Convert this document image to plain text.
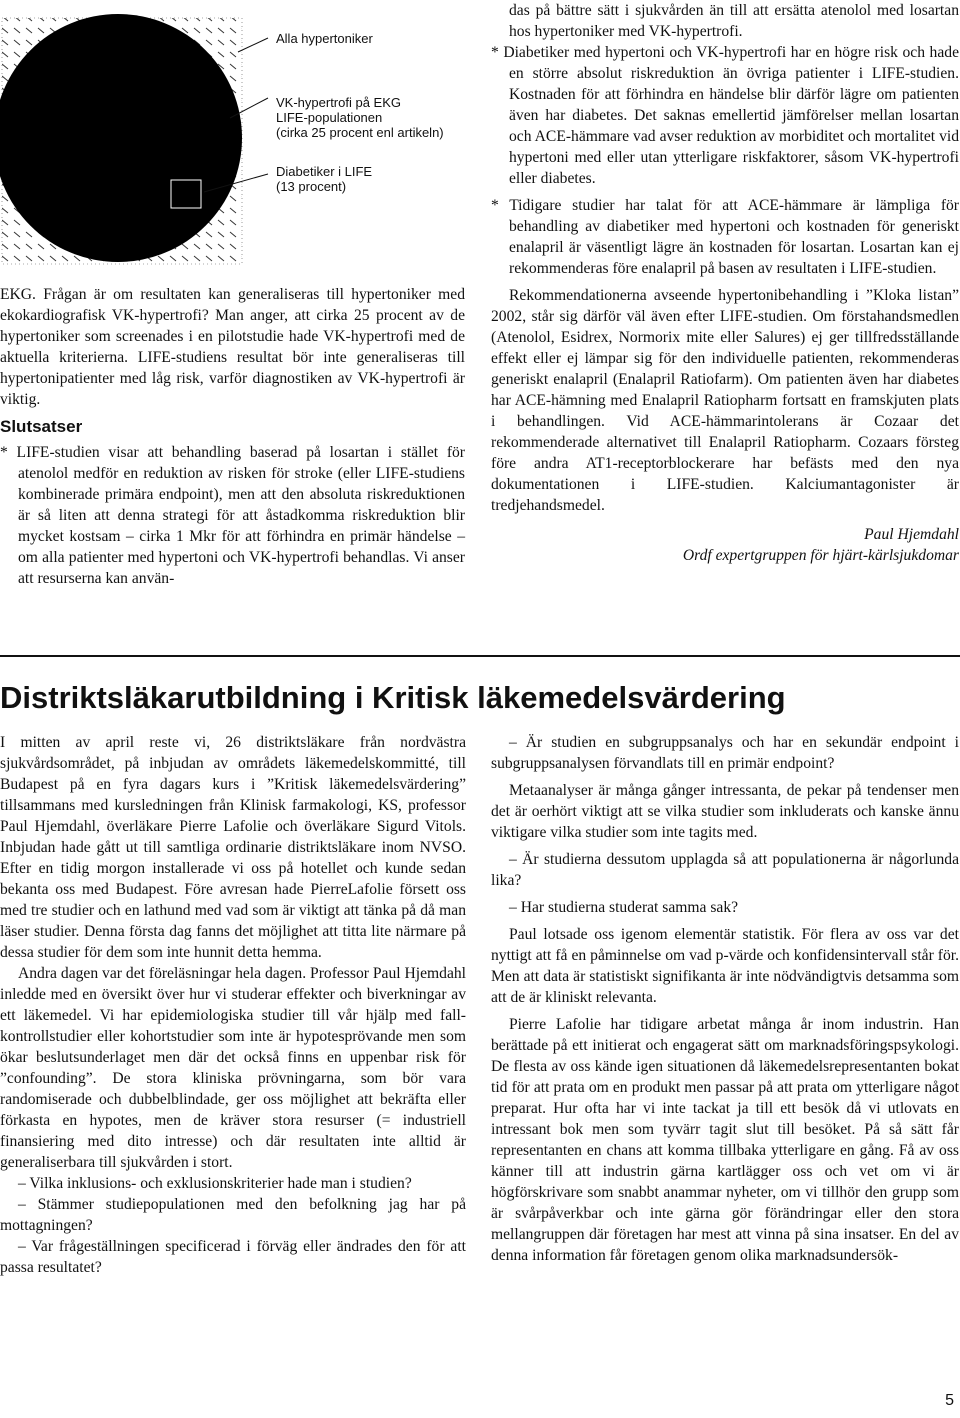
Alla hypertoniker
VK-hypertrofi på EKG
LIFE-populationen
(cirka 25 procent enl artikeln)
Diabetiker i LIFE
(13 procent)

EKG. Frågan är om resultaten kan generaliseras till hypertoniker med ekokardiografisk VK-hypertrofi? Man anger, att cirka 25 procent av de hypertoniker som screenades i en pilotstudie hade VK-hypertrofi med de aktuella kriterierna. LIFE-studiens resultat bör inte generaliseras till hypertonipatienter med låg risk, varför diagnostiken av VK-hypertrofi är viktig.

Slutsatser

* LIFE-studien visar att behandling baserad på losartan i stället för atenolol medför en reduktion av risken för stroke (eller LIFE-studiens kombinerade primära endpoint), men att den absoluta riskreduktionen är så liten att denna strategi för att åstadkomma riskreduktion blir mycket kostsam – cirka 1 Mkr för att förhindra en primär händelse – om alla patienter med hypertoni och VK-hypertrofi behandlas. Vi anser att resurserna kan använ-

das på bättre sätt i sjukvården än till att ersätta atenolol med losartan hos hypertoniker med VK-hypertrofi.

* Diabetiker med hypertoni och VK-hypertrofi har en högre risk och hade en större absolut riskreduktion än övriga patienter i LIFE-studien. Kostnaden för att förhindra en händelse blir därför lägre om patienten även har diabetes. Det saknas emellertid jämförelser mellan losartan och ACE-hämmare vad avser reduktion av morbiditet och mortalitet vid hypertoni med eller utan ytterligare riskfaktorer, såsom VK-hypertrofi eller diabetes.

* Tidigare studier har talat för att ACE-hämmare är lämpliga för behandling av diabetiker med hypertoni och kostnaden för generiskt enalapril är väsentligt lägre än kostnaden för losartan. Losartan kan ej rekommenderas före enalapril på basen av resultaten i LIFE-studien.

Rekommendationerna avseende hypertonibehandling i ”Kloka listan” 2002, står sig därför väl även efter LIFE-studien. Om förstahandsmedlen (Atenolol, Esidrex, Normorix mite eller Salures) ej ger tillfredsställande effekt eller ej lämpar sig för den individuelle patienten, rekommenderas generiskt enalapril (Enalapril Ratiofarm). Om patienten även har diabetes har ACE-hämning med Enalapril Ratiopharm fortsatt en framskjuten plats i behandlingen. Vid ACE-hämmarintolerans är Cozaar det rekommenderade alternativet till Enalapril Ratiopharm. Cozaars försteg före andra AT1-receptorblockerare har befästs med den nya dokumentationen i LIFE-studien. Kalciumantagonister är tredjehandsmedel.

Paul Hjemdahl

Ordf expertgruppen för hjärt-kärlsjukdomar

Distriktsläkarutbildning i Kritisk läkemedelsvärdering

I mitten av april reste vi, 26 distriktsläkare från nordvästra sjukvårdsområdet, på inbjudan av områdets läkemedelskommitté, till Budapest på en fyra dagars kurs i ”Kritisk läkemedelsvärdering” tillsammans med kursledningen från Klinisk farmakologi, KS, professor Paul Hjemdahl, överläkare Pierre Lafolie och överläkare Sigurd Vitols. Inbjudan hade gått ut till samtliga ordinarie distriktsläkare inom NVSO. Efter en tidig morgon installerade vi oss på hotellet och kunde sedan bekanta oss med Budapest. Före avresan hade PierreLafolie försett oss med tre studier och en lathund med vad som är viktigt att tänka på då man läser studier. Denna första dag fanns det möjlighet att titta lite närmare på dessa studier för dem som inte hunnit detta hemma.

Andra dagen var det föreläsningar hela dagen. Professor Paul Hjemdahl inledde med en översikt över hur vi studerar effekter och biverkningar av ett läkemedel. Vi har epidemiologiska studier till vår hjälp med fall-kontrollstudier eller kohortstudier som inte är hypotesprövande men som ökar beslutsunderlaget men där det också finns en uppenbar risk för ”confounding”. De stora kliniska prövningarna, som bör vara randomiserade och dubbelblindade, ger oss möjlighet att bekräfta eller förkasta en hypotes, men de kräver stora resurser (= industriell finansiering med dito intresse) och där resultaten inte alltid är generaliserbara till sjukvården i stort.

– Vilka inklusions- och exklusionskriterier hade man i studien?

– Stämmer studiepopulationen med den befolkning jag har på mottagningen?

– Var frågeställningen specificerad i förväg eller ändrades den för att passa resultatet?

– Är studien en subgruppsanalys och har en sekundär endpoint i subgruppsanalysen förvandlats till en primär endpoint?

Metaanalyser är många gånger intressanta, de pekar på tendenser men det är oerhört viktigt att se vilka studier som inkluderats och kanske ännu viktigare vilka studier som inte tagits med.

– Är studierna dessutom upplagda så att populationerna är någorlunda lika?

– Har studierna studerat samma sak?

Paul lotsade oss igenom elementär statistik. För flera av oss var det nyttigt att få en påminnelse om vad p-värde och konfidensintervall står för. Men att data är statistiskt signifikanta är inte nödvändigtvis detsamma som att de är kliniskt relevanta.

Pierre Lafolie har tidigare arbetat många år inom industrin. Han berättade på ett initierat och engagerat sätt om marknadsföringspsykologi. De flesta av oss kände igen situationen då läkemedelsrepresentanten bokat tid för att prata om en produkt men passar på att prata om ytterligare något preparat. Hur ofta har vi inte tackat ja till ett besök då vi utlovats en intressant bok men som tyvärr tagit slut till besöket. På så sätt får representanten en chans att komma tillbaka ytterligare en gång. Få av oss känner till att industrin gärna kartlägger oss och vet om vi är högförskrivare som snabbt anammar nyheter, om vi tillhör den grupp som är svårpåverkbar och inte gärna gör förändringar eller den stora mellangruppen där företagen har mest att vinna på sina insatser. En del av denna information får företagen genom olika marknadsundersök-

5
